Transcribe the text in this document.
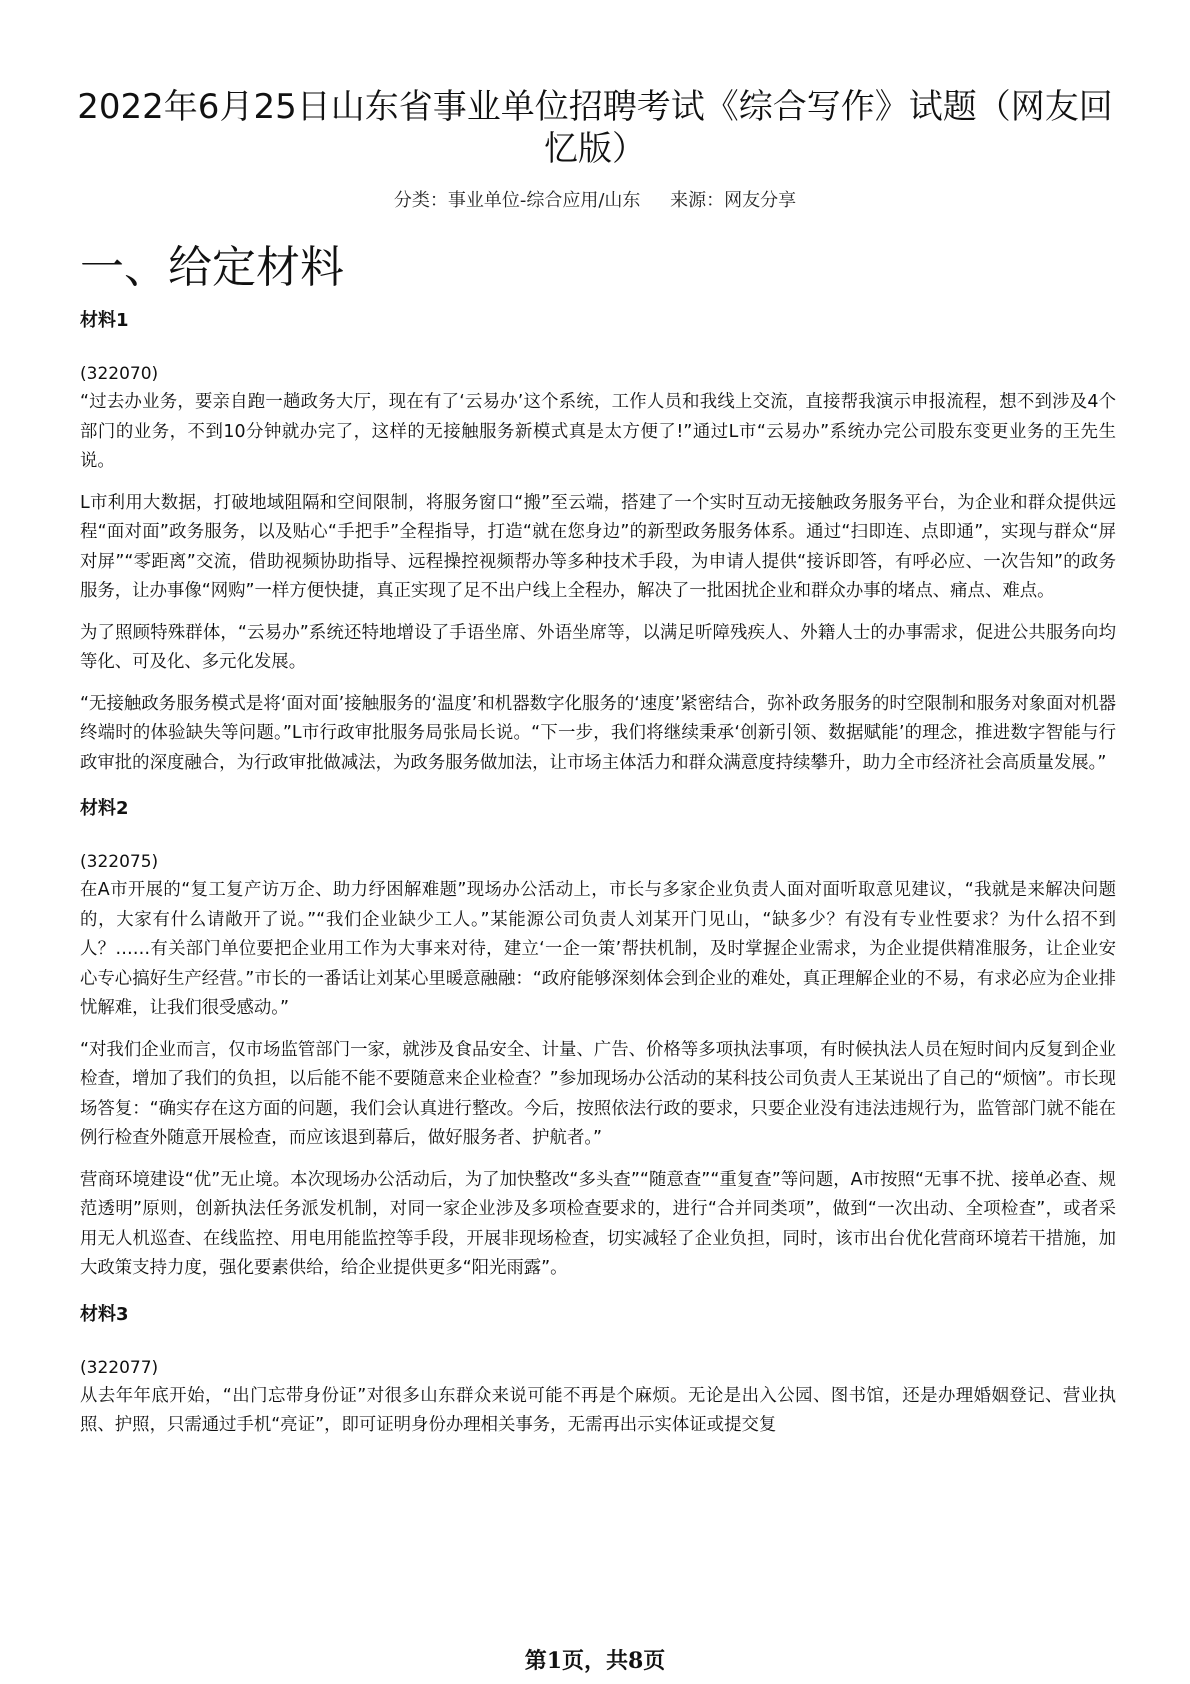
2022年6月25日山东省事业单位招聘考试《综合写作》试题（网友回忆版）
分类：事业单位-综合应用/山东 来源：网友分享
一、给定材料
材料1

(322070)

“过去办业务，要亲自跑一趟政务大厅，现在有了‘云易办’这个系统，工作人员和我线上交流，直接帮我演示申报流程，想不到涉及4个部门的业务，不到10分钟就办完了，这样的无接触服务新模式真是太方便了!”通过L市“云易办”系统办完公司股东变更业务的王先生说。

L市利用大数据，打破地域阻隔和空间限制，将服务窗口“搬”至云端，搭建了一个实时互动无接触政务服务平台，为企业和群众提供远程“面对面”政务服务，以及贴心“手把手”全程指导，打造“就在您身边”的新型政务服务体系。通过“扫即连、点即通”，实现与群众“屏对屏”“零距离”交流，借助视频协助指导、远程操控视频帮办等多种技术手段，为申请人提供“接诉即答，有呼必应、一次告知”的政务服务，让办事像“网购”一样方便快捷，真正实现了足不出户线上全程办，解决了一批困扰企业和群众办事的堵点、痛点、难点。

为了照顾特殊群体，“云易办”系统还特地增设了手语坐席、外语坐席等，以满足听障残疾人、外籍人士的办事需求，促进公共服务向均等化、可及化、多元化发展。

“无接触政务服务模式是将‘面对面’接触服务的‘温度’和机器数字化服务的‘速度’紧密结合，弥补政务服务的时空限制和服务对象面对机器终端时的体验缺失等问题。”L市行政审批服务局张局长说。“下一步，我们将继续秉承‘创新引领、数据赋能’的理念，推进数字智能与行政审批的深度融合，为行政审批做减法，为政务服务做加法，让市场主体活力和群众满意度持续攀升，助力全市经济社会高质量发展。”

材料2

(322075)

在A市开展的“复工复产访万企、助力纾困解难题”现场办公活动上，市长与多家企业负责人面对面听取意见建议，“我就是来解决问题的，大家有什么请敞开了说。”“我们企业缺少工人。”某能源公司负责人刘某开门见山，“缺多少？有没有专业性要求？为什么招不到人？……有关部门单位要把企业用工作为大事来对待，建立‘一企一策’帮扶机制，及时掌握企业需求，为企业提供精准服务，让企业安心专心搞好生产经营。”市长的一番话让刘某心里暖意融融：“政府能够深刻体会到企业的难处，真正理解企业的不易，有求必应为企业排忧解难，让我们很受感动。”

“对我们企业而言，仅市场监管部门一家，就涉及食品安全、计量、广告、价格等多项执法事项，有时候执法人员在短时间内反复到企业检查，增加了我们的负担，以后能不能不要随意来企业检查？”参加现场办公活动的某科技公司负责人王某说出了自己的“烦恼”。市长现场答复：“确实存在这方面的问题，我们会认真进行整改。今后，按照依法行政的要求，只要企业没有违法违规行为，监管部门就不能在例行检查外随意开展检查，而应该退到幕后，做好服务者、护航者。”

营商环境建设“优”无止境。本次现场办公活动后，为了加快整改“多头查”“随意查”“重复查”等问题，A市按照“无事不扰、接单必查、规范透明”原则，创新执法任务派发机制，对同一家企业涉及多项检查要求的，进行“合并同类项”，做到“一次出动、全项检查”，或者采用无人机巡查、在线监控、用电用能监控等手段，开展非现场检查，切实减轻了企业负担，同时，该市出台优化营商环境若干措施，加大政策支持力度，强化要素供给，给企业提供更多“阳光雨露”。

材料3

(322077)

从去年年底开始，“出门忘带身份证”对很多山东群众来说可能不再是个麻烦。无论是出入公园、图书馆，还是办理婚姻登记、营业执照、护照，只需通过手机“亮证”，即可证明身份办理相关事务，无需再出示实体证或提交复

第1页，共8页
